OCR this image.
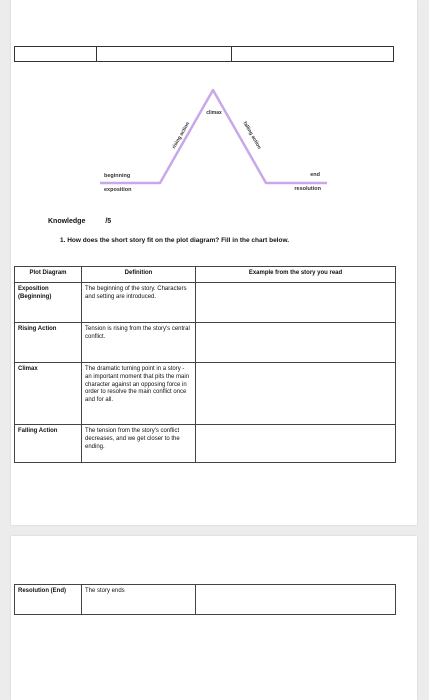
climax
rising action	falling action
beginning
exposition
end
resolution
Knowledge	/5
1. How does the short story fit on the plot diagram? Fill in the chart below.
Plot Diagram	Definition	Example from the story you read
Exposition (Beginning)	The beginning of the story. Characters and setting are introduced.	
Rising Action	Tension is rising from the story's central conflict.	
Climax	The dramatic turning point in a story - an important moment that pits the main character against an opposing force in order to resolve the main conflict once and for all.	
Falling Action	The tension from the story's conflict decreases, and we get closer to the ending.	
Resolution (End)	The story ends	
